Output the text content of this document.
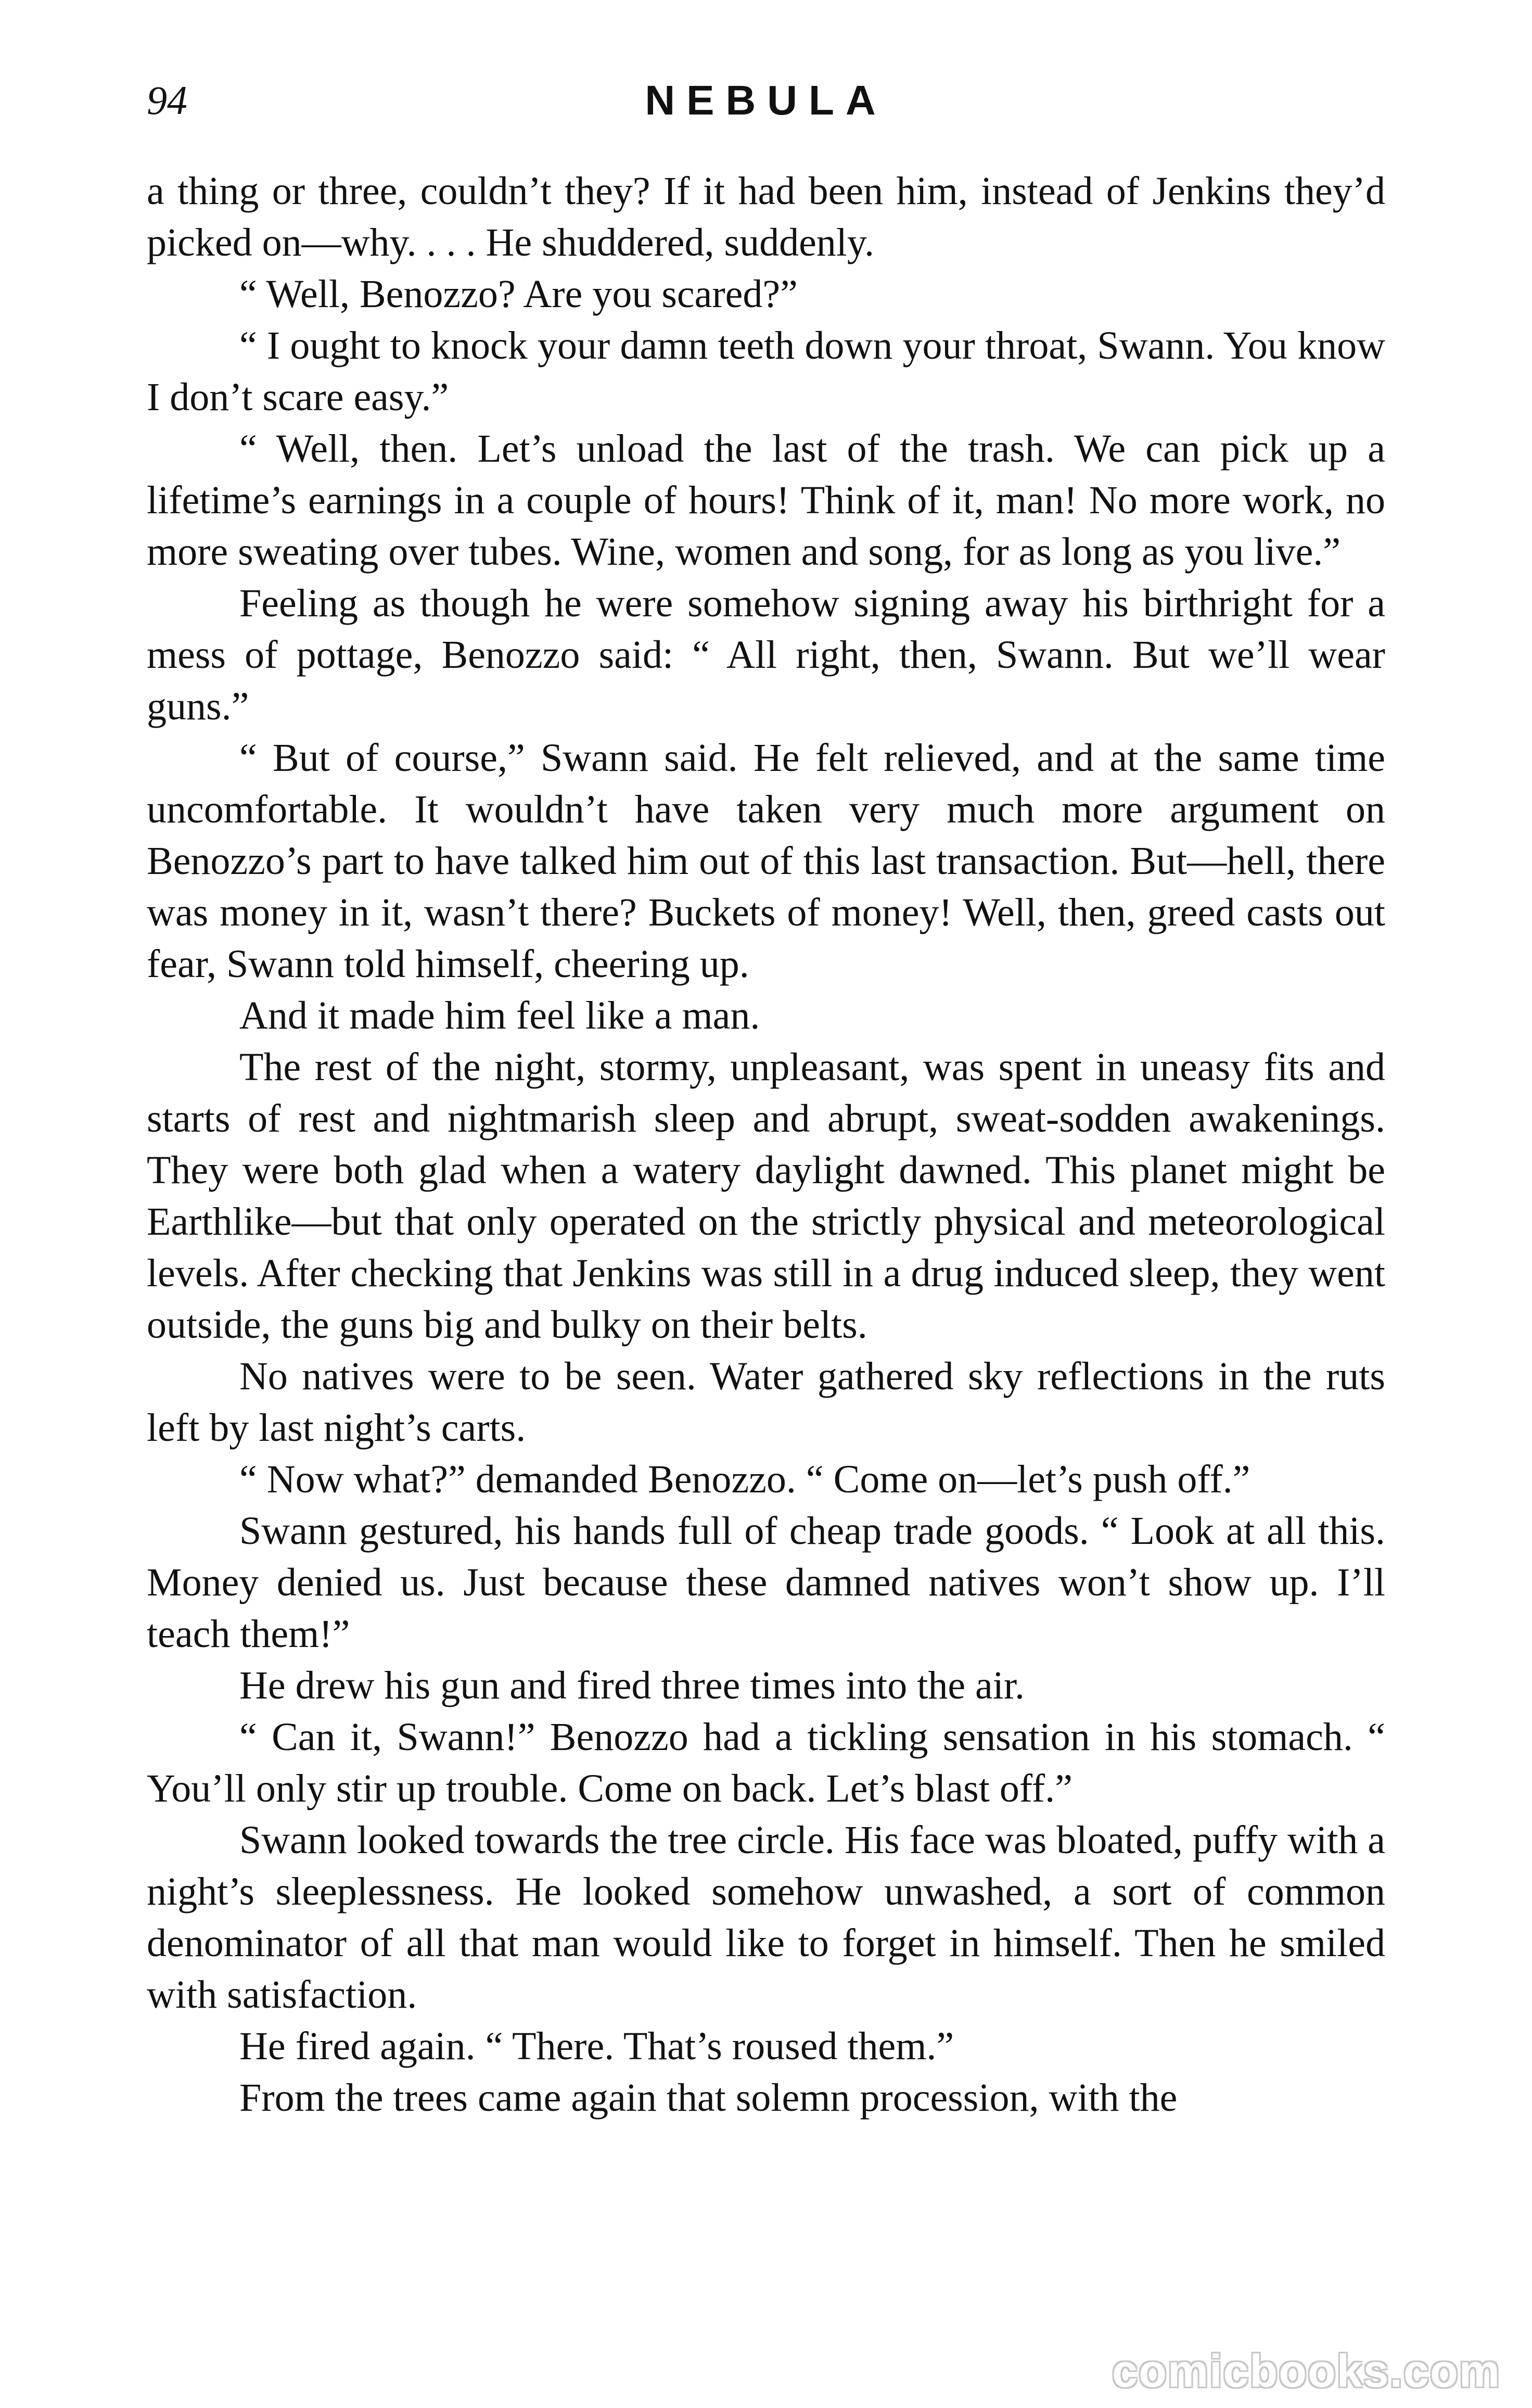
94	NEBULA

a thing or three, couldn’t they? If it had been him, instead of Jenkins they’d picked on—why. . . . He shuddered, suddenly.

“ Well, Benozzo? Are you scared?”

“ I ought to knock your damn teeth down your throat, Swann. You know I don’t scare easy.”

“ Well, then. Let’s unload the last of the trash. We can pick up a lifetime’s earnings in a couple of hours! Think of it, man! No more work, no more sweating over tubes. Wine, women and song, for as long as you live.”

Feeling as though he were somehow signing away his birthright for a mess of pottage, Benozzo said: “ All right, then, Swann. But we’ll wear guns.”

“ But of course,” Swann said. He felt relieved, and at the same time uncomfortable. It wouldn’t have taken very much more argument on Benozzo’s part to have talked him out of this last transaction. But—hell, there was money in it, wasn’t there? Buckets of money! Well, then, greed casts out fear, Swann told himself, cheering up.

And it made him feel like a man.

The rest of the night, stormy, unpleasant, was spent in uneasy fits and starts of rest and nightmarish sleep and abrupt, sweat-sodden awakenings. They were both glad when a watery daylight dawned. This planet might be Earthlike—but that only operated on the strictly physical and meteorological levels. After checking that Jenkins was still in a drug induced sleep, they went outside, the guns big and bulky on their belts.

No natives were to be seen. Water gathered sky reflections in the ruts left by last night’s carts.

“ Now what?” demanded Benozzo. “ Come on—let’s push off.”

Swann gestured, his hands full of cheap trade goods. “ Look at all this. Money denied us. Just because these damned natives won’t show up. I’ll teach them!”

He drew his gun and fired three times into the air.

“ Can it, Swann!” Benozzo had a tickling sensation in his stomach. “ You’ll only stir up trouble. Come on back. Let’s blast off.”

Swann looked towards the tree circle. His face was bloated, puffy with a night’s sleeplessness. He looked somehow unwashed, a sort of common denominator of all that man would like to forget in himself. Then he smiled with satisfaction.

He fired again. “ There. That’s roused them.”

From the trees came again that solemn procession, with the

comicbooks.com
